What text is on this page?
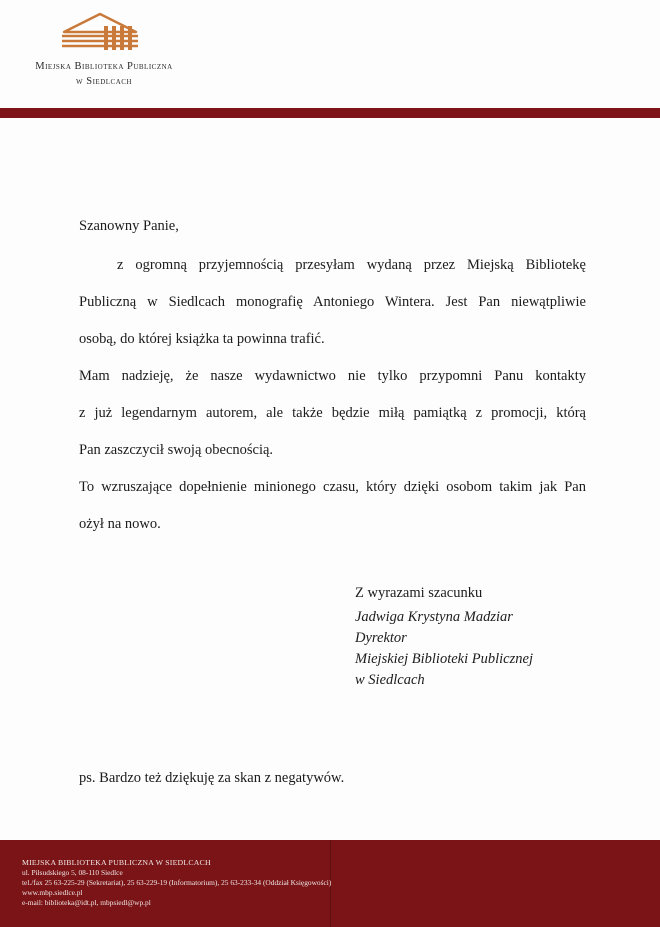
Miejska Biblioteka Publiczna
w Siedlcach
Szanowny Panie,
z ogromną przyjemnością przesyłam wydaną przez Miejską Bibliotekę
Publiczną w Siedlcach monografię Antoniego Wintera. Jest Pan niewątpliwie
osobą, do której książka ta powinna trafić.
Mam nadzieję, że nasze wydawnictwo nie tylko przypomni Panu kontakty
z już legendarnym autorem, ale także będzie miłą pamiątką z promocji, którą
Pan zaszczycił swoją obecnością.
To wzruszające dopełnienie minionego czasu, który dzięki osobom takim jak Pan
ożył na nowo.
Z wyrazami szacunku
Jadwiga Krystyna Madziar
Dyrektor
Miejskiej Biblioteki Publicznej
w Siedlcach
ps. Bardzo też dziękuję za skan z negatywów.
MIEJSKA BIBLIOTEKA PUBLICZNA W SIEDLCACH
ul. Piłsudskiego 5, 08-110 Siedlce
tel./fax 25 63-225-29 (Sekretariat), 25 63-229-19 (Informatorium), 25 63-233-34 (Oddział Księgowości)
www.mbp.siedlce.pl
e-mail: biblioteka@idt.pl, mbpsiedl@wp.pl
